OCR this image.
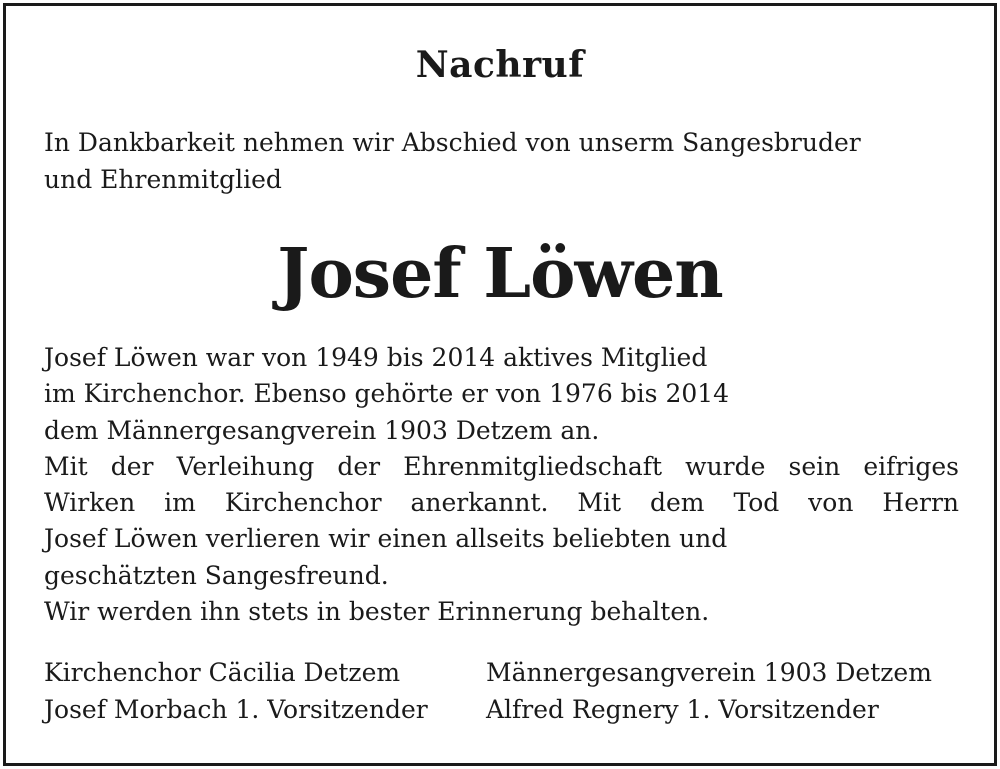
Nachruf
In Dankbarkeit nehmen wir Abschied von unserm Sangesbruder
und Ehrenmitglied
Josef Löwen
Josef Löwen war von 1949 bis 2014 aktives Mitglied
im Kirchenchor. Ebenso gehörte er von 1976 bis 2014
dem Männergesangverein 1903 Detzem an.
Mit der Verleihung der Ehrenmitgliedschaft wurde sein eifriges
Wirken im Kirchenchor anerkannt. Mit dem Tod von Herrn
Josef Löwen verlieren wir einen allseits beliebten und
geschätzten Sangesfreund.
Wir werden ihn stets in bester Erinnerung behalten.
Kirchenchor Cäcilia Detzem
Josef Morbach 1. Vorsitzender
Männergesangverein 1903 Detzem
Alfred Regnery 1. Vorsitzender
